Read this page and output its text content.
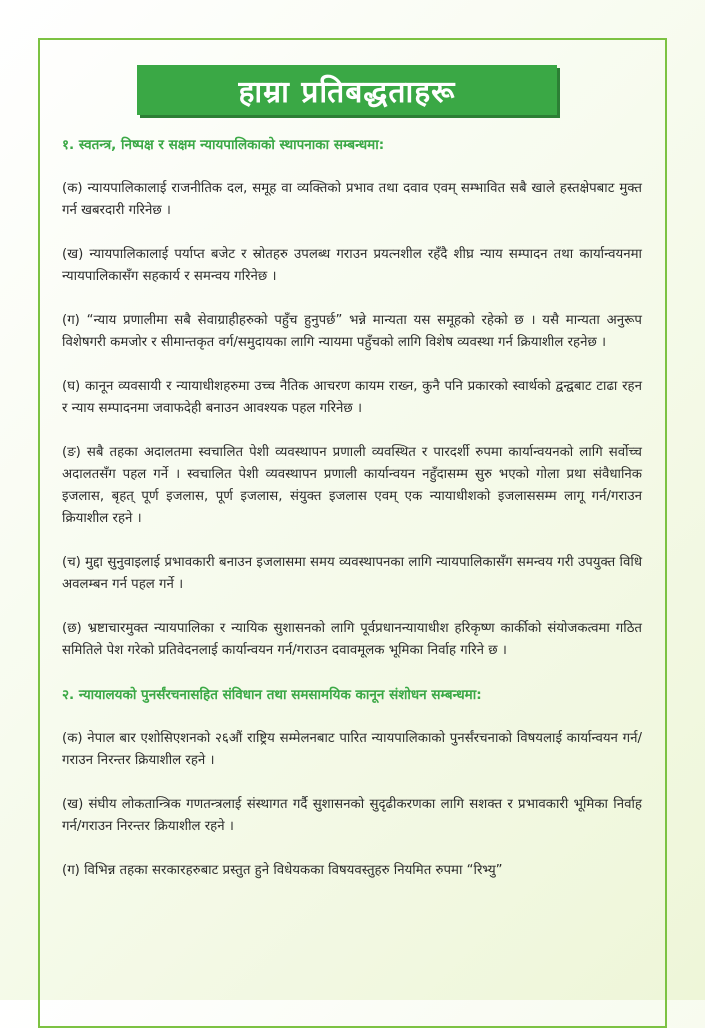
हाम्रा प्रतिबद्धताहरू
१. स्वतन्त्र, निष्पक्ष र सक्षम न्यायपालिकाको स्थापनाका सम्बन्धमा:

(क) न्यायपालिकालाई राजनीतिक दल, समूह वा व्यक्तिको प्रभाव तथा दवाव एवम् सम्भावित सबै खाले हस्तक्षेपबाट मुक्त गर्न खबरदारी गरिनेछ ।

(ख) न्यायपालिकालाई पर्याप्त बजेट र स्रोतहरु उपलब्ध गराउन प्रयत्नशील रहँदै शीघ्र न्याय सम्पादन तथा कार्यान्वयनमा न्यायपालिकासँग सहकार्य र समन्वय गरिनेछ ।

(ग) “न्याय प्रणालीमा सबै सेवाग्राहीहरुको पहुँच हुनुपर्छ” भन्ने मान्यता यस समूहको रहेको छ । यसै मान्यता अनुरूप विशेषगरी कमजोर र सीमान्तकृत वर्ग/समुदायका लागि न्यायमा पहुँचको लागि विशेष व्यवस्था गर्न क्रियाशील रहनेछ ।

(घ) कानून व्यवसायी र न्यायाधीशहरुमा उच्च नैतिक आचरण कायम राख्न, कुनै पनि प्रकारको स्वार्थको द्वन्द्वबाट टाढा रहन र न्याय सम्पादनमा जवाफदेही बनाउन आवश्यक पहल गरिनेछ ।

(ङ) सबै तहका अदालतमा स्वचालित पेशी व्यवस्थापन प्रणाली व्यवस्थित र पारदर्शी रुपमा कार्यान्वयनको लागि सर्वोच्च अदालतसँग पहल गर्ने । स्वचालित पेशी व्यवस्थापन प्रणाली कार्यान्वयन नहुँदासम्म सुरु भएको गोला प्रथा संवैधानिक इजलास, बृहत् पूर्ण इजलास, पूर्ण इजलास, संयुक्त इजलास एवम् एक न्यायाधीशको इजलाससम्म लागू गर्न/गराउन क्रियाशील रहने ।

(च) मुद्दा सुनुवाइलाई प्रभावकारी बनाउन इजलासमा समय व्यवस्थापनका लागि न्यायपालिकासँग समन्वय गरी उपयुक्त विधि अवलम्बन गर्न पहल गर्ने ।

(छ) भ्रष्टाचारमुक्त न्यायपालिका र न्यायिक सुशासनको लागि पूर्वप्रधानन्यायाधीश हरिकृष्ण कार्कीको संयोजकत्वमा गठित समितिले पेश गरेको प्रतिवेदनलाई कार्यान्वयन गर्न/गराउन दवावमूलक भूमिका निर्वाह गरिने छ ।

२. न्यायालयको पुनर्संरचनासहित संविधान तथा समसामयिक कानून संशोधन सम्बन्धमा:

(क) नेपाल बार एशोसिएशनको २६औं राष्ट्रिय सम्मेलनबाट पारित न्यायपालिकाको पुनर्संरचनाको विषयलाई कार्यान्वयन गर्न/गराउन निरन्तर क्रियाशील रहने ।

(ख) संघीय लोकतान्त्रिक गणतन्त्रलाई संस्थागत गर्दै सुशासनको सुदृढीकरणका लागि सशक्त र प्रभावकारी भूमिका निर्वाह गर्न/गराउन निरन्तर क्रियाशील रहने ।

(ग) विभिन्न तहका सरकारहरुबाट प्रस्तुत हुने विधेयकका विषयवस्तुहरु नियमित रुपमा “रिभ्यु”
